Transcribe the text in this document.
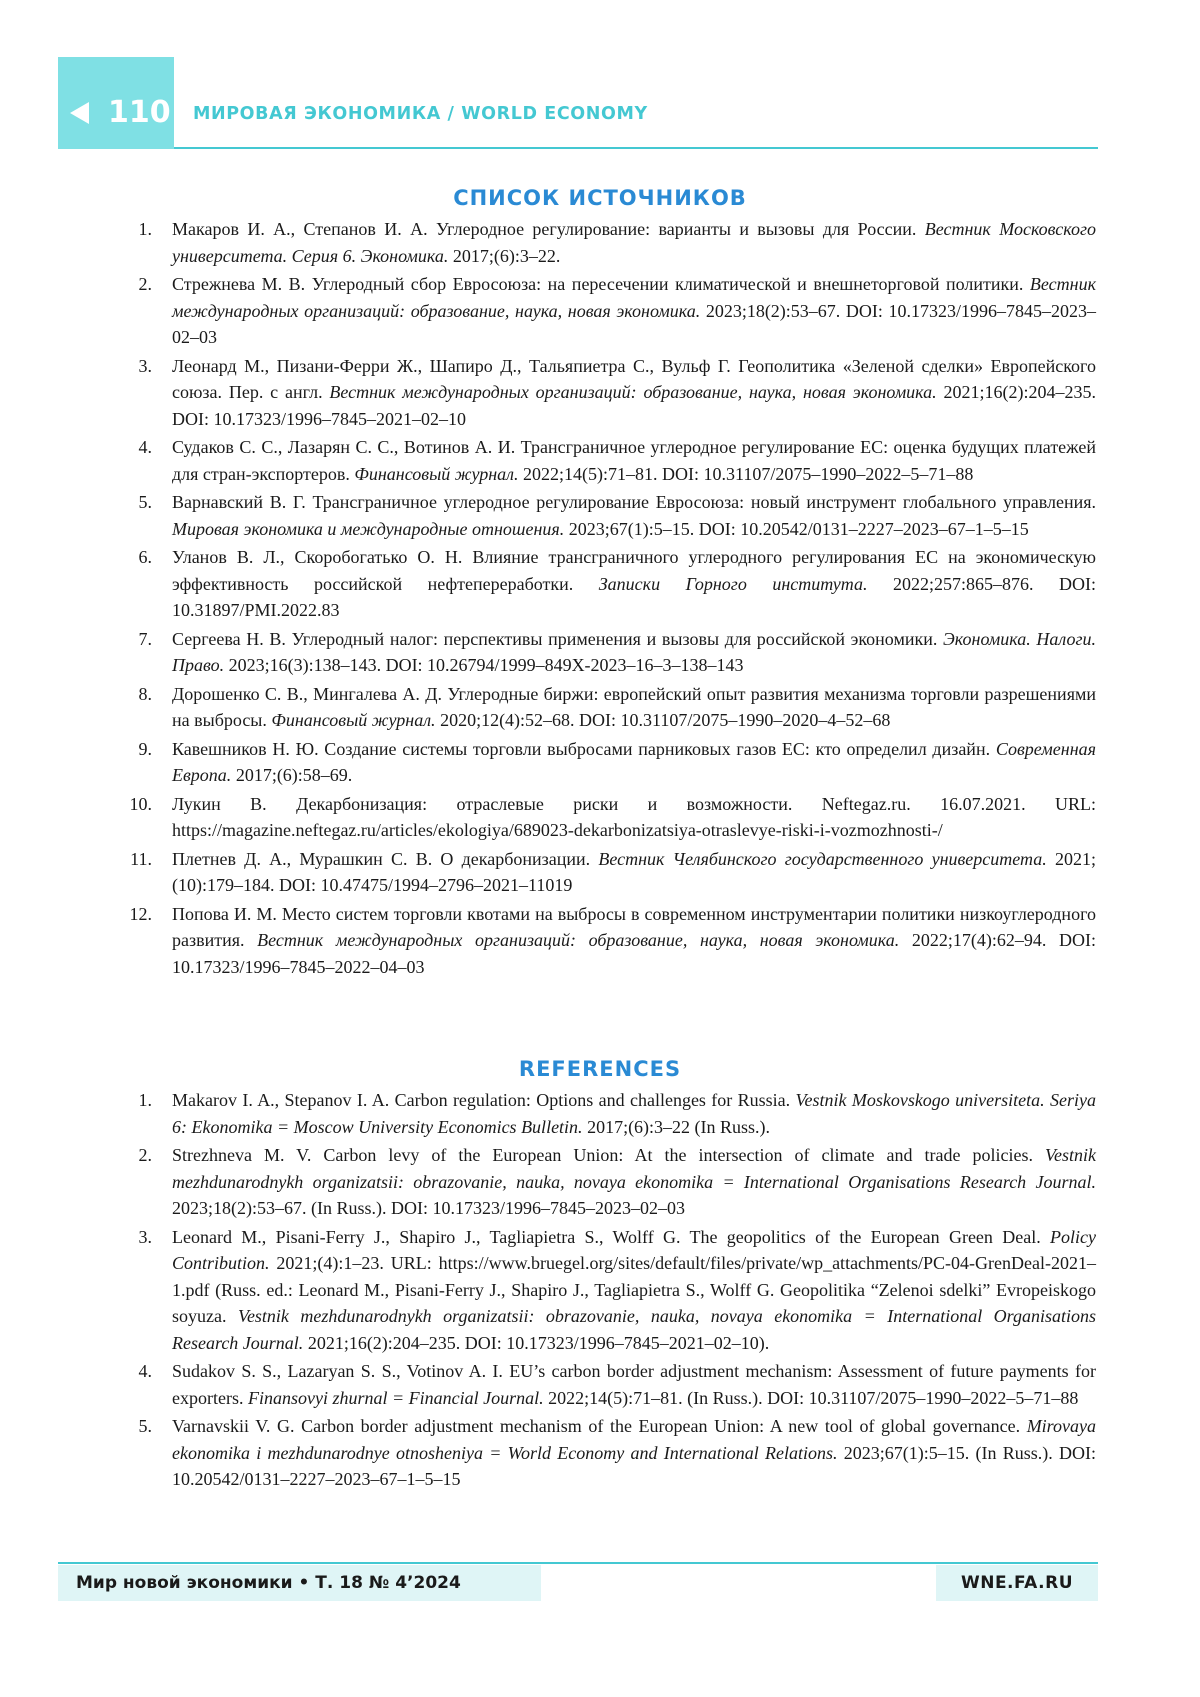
110 МИРОВАЯ ЭКОНОМИКА / WORLD ECONOMY
СПИСОК ИСТОЧНИКОВ
1.	Макаров И. А., Степанов И. А. Углеродное регулирование: варианты и вызовы для России. Вестник Московского университета. Серия 6. Экономика. 2017;(6):3–22.
2.	Стрежнева М. В. Углеродный сбор Евросоюза: на пересечении климатической и внешнеторговой политики. Вестник международных организаций: образование, наука, новая экономика. 2023;18(2):53–67. DOI: 10.17323/1996–7845–2023–02–03
3.	Леонард М., Пизани-Ферри Ж., Шапиро Д., Тальяпиетра С., Вульф Г. Геополитика «Зеленой сделки» Европейского союза. Пер. с англ. Вестник международных организаций: образование, наука, новая экономика. 2021;16(2):204–235. DOI: 10.17323/1996–7845–2021–02–10
4.	Судаков С. С., Лазарян С. С., Вотинов А. И. Трансграничное углеродное регулирование ЕС: оценка будущих платежей для стран-экспортеров. Финансовый журнал. 2022;14(5):71–81. DOI: 10.31107/2075–1990–2022–5–71–88
5.	Варнавский В. Г. Трансграничное углеродное регулирование Евросоюза: новый инструмент глобального управления. Мировая экономика и международные отношения. 2023;67(1):5–15. DOI: 10.20542/0131–2227–2023–67–1–5–15
6.	Уланов В. Л., Скоробогатько О. Н. Влияние трансграничного углеродного регулирования ЕС на экономическую эффективность российской нефтепереработки. Записки Горного института. 2022;257:865–876. DOI: 10.31897/PMI.2022.83
7.	Сергеева Н. В. Углеродный налог: перспективы применения и вызовы для российской экономики. Экономика. Налоги. Право. 2023;16(3):138–143. DOI: 10.26794/1999–849X-2023–16–3–138–143
8.	Дорошенко С. В., Мингалева А. Д. Углеродные биржи: европейский опыт развития механизма торговли разрешениями на выбросы. Финансовый журнал. 2020;12(4):52–68. DOI: 10.31107/2075–1990–2020–4–52–68
9.	Кавешников Н. Ю. Создание системы торговли выбросами парниковых газов ЕС: кто определил дизайн. Современная Европа. 2017;(6):58–69.
10.	Лукин В. Декарбонизация: отраслевые риски и возможности. Neftegaz.ru. 16.07.2021. URL: https://magazine.neftegaz.ru/articles/ekologiya/689023-dekarbonizatsiya-otraslevye-riski-i-vozmozhnosti-/
11.	Плетнев Д. А., Мурашкин С. В. О декарбонизации. Вестник Челябинского государственного университета. 2021;(10):179–184. DOI: 10.47475/1994–2796–2021–11019
12.	Попова И. М. Место систем торговли квотами на выбросы в современном инструментарии политики низкоуглеродного развития. Вестник международных организаций: образование, наука, новая экономика. 2022;17(4):62–94. DOI: 10.17323/1996–7845–2022–04–03
REFERENCES
1.	Makarov I. A., Stepanov I. A. Carbon regulation: Options and challenges for Russia. Vestnik Moskovskogo universiteta. Seriya 6: Ekonomika = Moscow University Economics Bulletin. 2017;(6):3–22 (In Russ.).
2.	Strezhneva M. V. Carbon levy of the European Union: At the intersection of climate and trade policies. Vestnik mezhdunarodnykh organizatsii: obrazovanie, nauka, novaya ekonomika = International Organisations Research Journal. 2023;18(2):53–67. (In Russ.). DOI: 10.17323/1996–7845–2023–02–03
3.	Leonard M., Pisani-Ferry J., Shapiro J., Tagliapietra S., Wolff G. The geopolitics of the European Green Deal. Policy Contribution. 2021;(4):1–23. URL: https://www.bruegel.org/sites/default/files/private/wp_attachments/PC-04-GrenDeal-2021–1.pdf (Russ. ed.: Leonard M., Pisani-Ferry J., Shapiro J., Tagliapietra S., Wolff G. Geopolitika “Zelenoi sdelki” Evropeiskogo soyuza. Vestnik mezhdunarodnykh organizatsii: obrazovanie, nauka, novaya ekonomika = International Organisations Research Journal. 2021;16(2):204–235. DOI: 10.17323/1996–7845–2021–02–10).
4.	Sudakov S. S., Lazaryan S. S., Votinov A. I. EU’s carbon border adjustment mechanism: Assessment of future payments for exporters. Finansovyi zhurnal = Financial Journal. 2022;14(5):71–81. (In Russ.). DOI: 10.31107/2075–1990–2022–5–71–88
5.	Varnavskii V. G. Carbon border adjustment mechanism of the European Union: A new tool of global governance. Mirovaya ekonomika i mezhdunarodnye otnosheniya = World Economy and International Relations. 2023;67(1):5–15. (In Russ.). DOI: 10.20542/0131–2227–2023–67–1–5–15
Мир новой экономики • Т. 18 № 4’2024	WNE.FA.RU
